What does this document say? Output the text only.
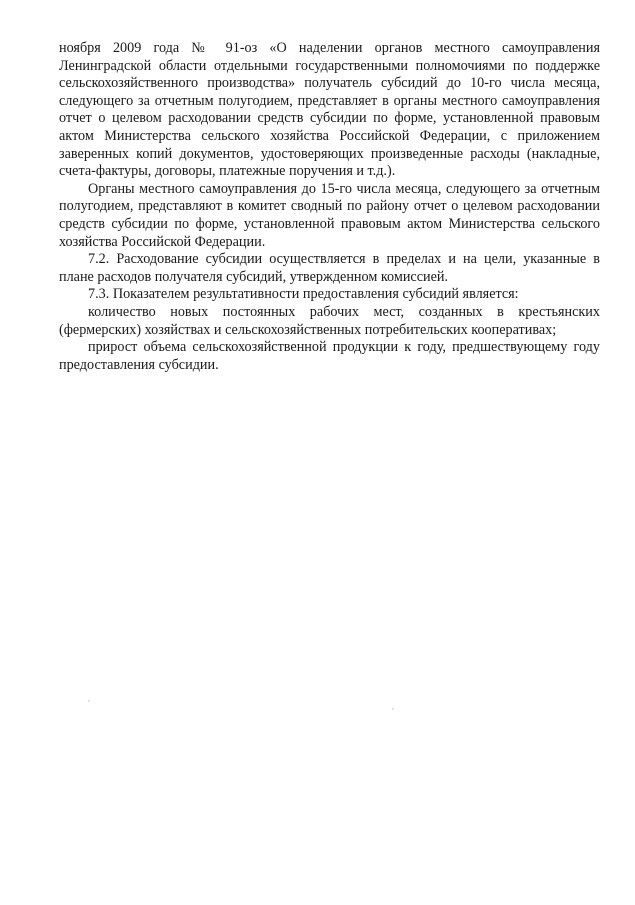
ноября 2009 года № 91-оз «О наделении органов местного самоуправления Ленинградской области отдельными государственными полномочиями по поддержке сельскохозяйственного производства» получатель субсидий до 10-го числа месяца, следующего за отчетным полугодием, представляет в органы местного самоуправления отчет о целевом расходовании средств субсидии по форме, установленной правовым актом Министерства сельского хозяйства Российской Федерации, с приложением заверенных копий документов, удостоверяющих произведенные расходы (накладные, счета-фактуры, договоры, платежные поручения и т.д.).

Органы местного самоуправления до 15-го числа месяца, следующего за отчетным полугодием, представляют в комитет сводный по району отчет о целевом расходовании средств субсидии по форме, установленной правовым актом Министерства сельского хозяйства Российской Федерации.

7.2. Расходование субсидии осуществляется в пределах и на цели, указанные в плане расходов получателя субсидий, утвержденном комиссией.

7.3. Показателем результативности предоставления субсидий является:

количество новых постоянных рабочих мест, созданных в крестьянских (фермерских) хозяйствах и сельскохозяйственных потребительских кооперативах;

прирост объема сельскохозяйственной продукции к году, предшествующему году предоставления субсидии.
